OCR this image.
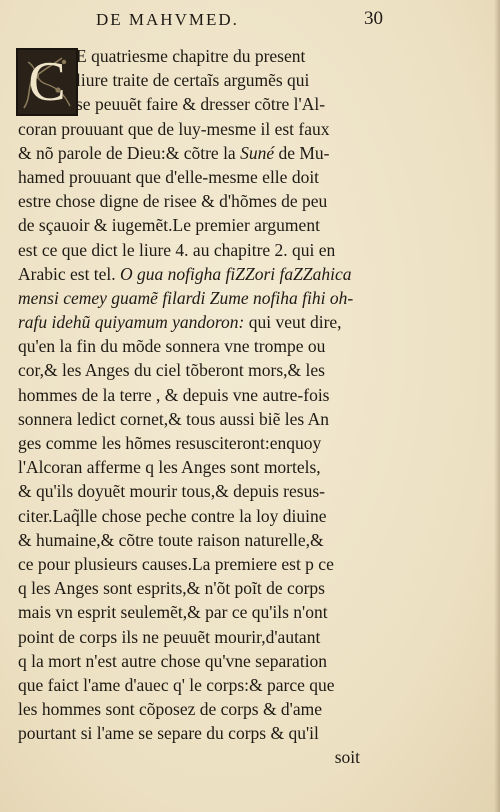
DE MAHVMED.	30
C E quatriesme chapitre du present
liure traite de certaĩs argumẽs qui
se peuuẽt faire & dresser cõtre l'Al-
coran prouuant que de luy-mesme il est faux
& nõ parole de Dieu:& cõtre la Suné de Mu-
hamed prouuant que d'elle-mesme elle doit
estre chose digne de risee & d'hõmes de peu
de sçauoir & iugemẽt.Le premier argument
est ce que dict le liure 4. au chapitre 2. qui en
Arabic est tel. O gua nofigha fiZZori faZZahica
mensi cemey guamẽ filardi Zume nofiha fihi oh-
rafu idehũ quiyamum yandoron: qui veut dire,
qu'en la fin du mõde sonnera vne trompe ou
cor,& les Anges du ciel tõberont mors,& les
hommes de la terre , & depuis vne autre-fois
sonnera ledict cornet,& tous aussi biẽ les An
ges comme les hõmes resusciteront:enquoy
l'Alcoran afferme q les Anges sont mortels,
& qu'ils doyuẽt mourir tous,& depuis resus-
citer.Laq̃lle chose peche contre la loy diuine
& humaine,& cõtre toute raison naturelle,&
ce pour plusieurs causes.La premiere est p ce
q les Anges sont esprits,& n'õt poĩt de corps
mais vn esprit seulemẽt,& par ce qu'ils n'ont
point de corps ils ne peuuẽt mourir,d'autant
q la mort n'est autre chose qu'vne separation
que faict l'ame d'auec q' le corps:& parce que
les hommes sont cõposez de corps & d'ame
pourtant si l'ame se separe du corps & qu'il
soit
